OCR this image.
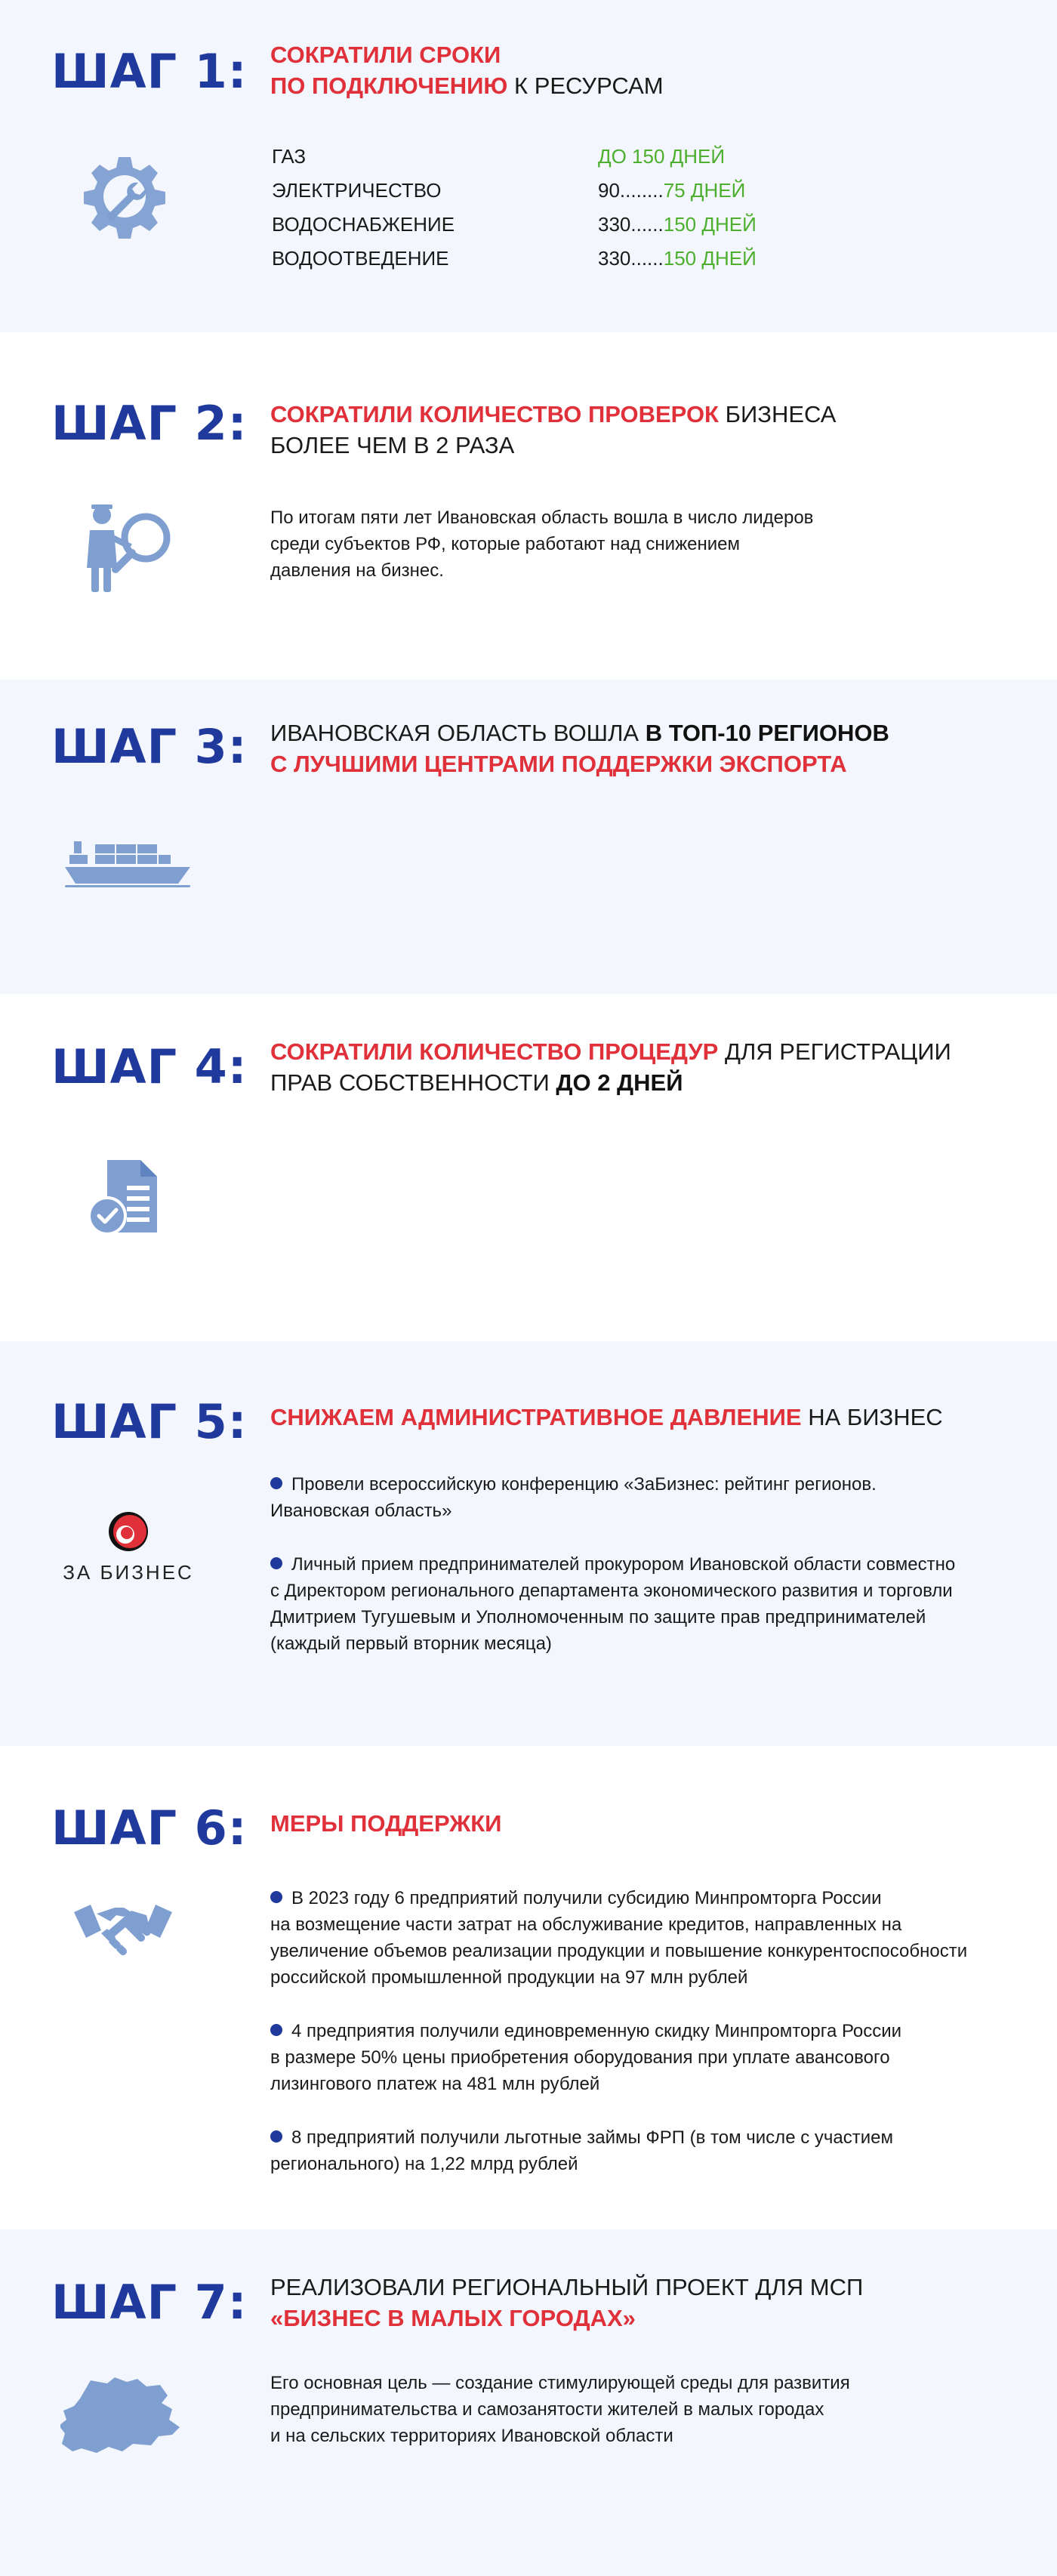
ШАГ 1: СОКРАТИЛИ СРОКИ
ПО ПОДКЛЮЧЕНИЮ К РЕСУРСАМ
ГАЗ	ДО 150 ДНЕЙ
ЭЛЕКТРИЧЕСТВО	90........75 ДНЕЙ
ВОДОСНАБЖЕНИЕ	330......150 ДНЕЙ
ВОДООТВЕДЕНИЕ	330......150 ДНЕЙ
ШАГ 2: СОКРАТИЛИ КОЛИЧЕСТВО ПРОВЕРОК БИЗНЕСА
БОЛЕЕ ЧЕМ В 2 РАЗА
По итогам пяти лет Ивановская область вошла в число лидеров
среди субъектов РФ, которые работают над снижением
давления на бизнес.
ШАГ 3: ИВАНОВСКАЯ ОБЛАСТЬ ВОШЛА В ТОП-10 РЕГИОНОВ
С ЛУЧШИМИ ЦЕНТРАМИ ПОДДЕРЖКИ ЭКСПОРТА
ШАГ 4: СОКРАТИЛИ КОЛИЧЕСТВО ПРОЦЕДУР ДЛЯ РЕГИСТРАЦИИ
ПРАВ СОБСТВЕННОСТИ ДО 2 ДНЕЙ
ШАГ 5: СНИЖАЕМ АДМИНИСТРАТИВНОЕ ДАВЛЕНИЕ НА БИЗНЕС
ЗА БИЗНЕС
Провели всероссийскую конференцию «ЗаБизнес: рейтинг регионов.
Ивановская область»
Личный прием предпринимателей прокурором Ивановской области совместно
с Директором регионального департамента экономического развития и торговли
Дмитрием Тугушевым и Уполномоченным по защите прав предпринимателей
(каждый первый вторник месяца)
ШАГ 6: МЕРЫ ПОДДЕРЖКИ
В 2023 году 6 предприятий получили субсидию Минпромторга России
на возмещение части затрат на обслуживание кредитов, направленных на
увеличение объемов реализации продукции и повышение конкурентоспособности
российской промышленной продукции на 97 млн рублей
4 предприятия получили единовременную скидку Минпромторга России
в размере 50% цены приобретения оборудования при уплате авансового
лизингового платеж на 481 млн рублей
8 предприятий получили льготные займы ФРП (в том числе с участием
регионального) на 1,22 млрд рублей
ШАГ 7: РЕАЛИЗОВАЛИ РЕГИОНАЛЬНЫЙ ПРОЕКТ ДЛЯ МСП
«БИЗНЕС В МАЛЫХ ГОРОДАХ»
Его основная цель — создание стимулирующей среды для развития
предпринимательства и самозанятости жителей в малых городах
и на сельских территориях Ивановской области
